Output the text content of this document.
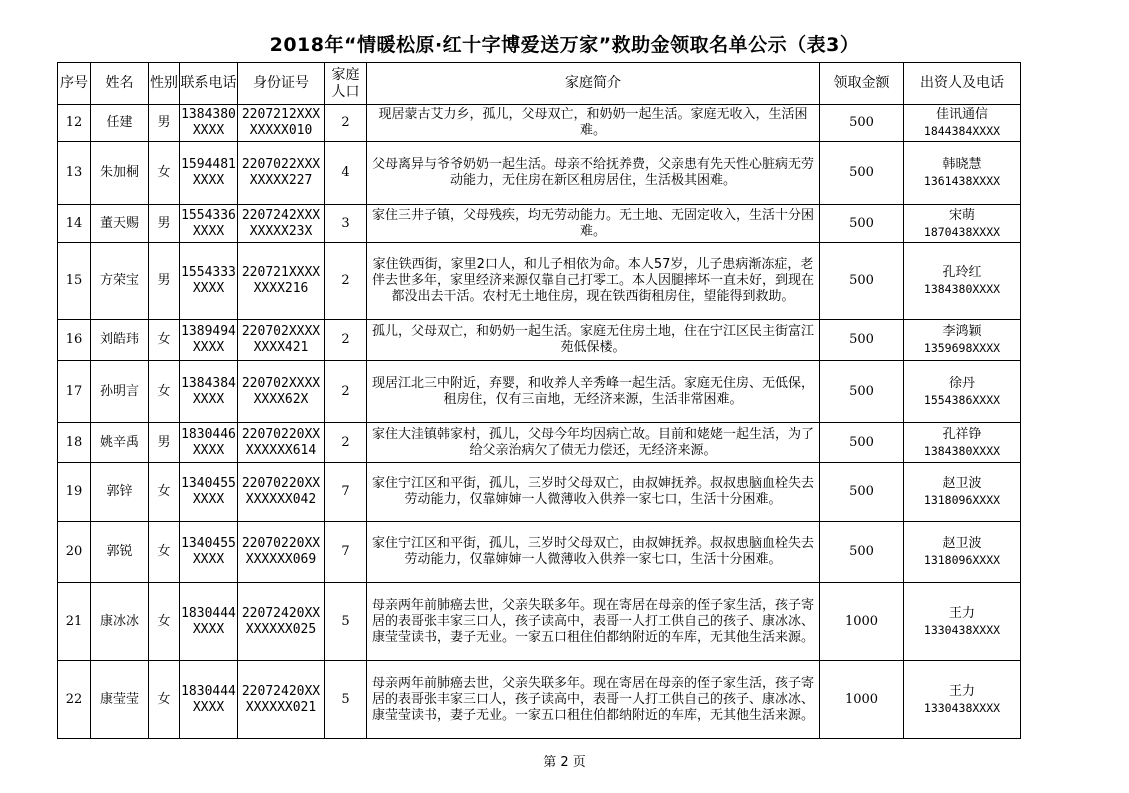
2018年“情暖松原·红十字博爱送万家”救助金领取名单公示（表3）
序号	姓名	性别	联系电话	身份证号	家庭人口	家庭简介	领取金额	出资人及电话
12	任建	男	1384380XXXX	2207212XXXXXXXX010	2	现居蒙古艾力乡，孤儿，父母双亡，和奶奶一起生活。家庭无收入，生活困难。	500	佳讯通信
1844384XXXX

13	朱加桐	女	1594481XXXX	2207022XXXXXXXX227	4	父母离异与爷爷奶奶一起生活。母亲不给抚养费，父亲患有先天性心脏病无劳动能力，无住房在新区租房居住，生活极其困难。	500	韩晓慧
1361438XXXX

14	董天赐	男	1554336XXXX	2207242XXXXXXXX23X	3	家住三井子镇，父母残疾，均无劳动能力。无土地、无固定收入，生活十分困难。	500	宋萌
1870438XXXX

15	方荣宝	男	1554333XXXX	220721XXXXXXXX216	2	家住铁西街，家里2口人，和儿子相依为命。本人57岁，儿子患病渐冻症，老伴去世多年，家里经济来源仅靠自己打零工。本人因腿摔坏一直未好，到现在都没出去干活。农村无土地住房，现在铁西街租房住，望能得到救助。	500	孔玲红
1384380XXXX

16	刘皓玮	女	1389494XXXX	220702XXXXXXXX421	2	孤儿，父母双亡，和奶奶一起生活。家庭无住房土地，住在宁江区民主街富江苑低保楼。	500	李鸿颖
1359698XXXX

17	孙明言	女	1384384XXXX	220702XXXXXXXX62X	2	现居江北三中附近，弃婴，和收养人辛秀峰一起生活。家庭无住房、无低保，租房住，仅有三亩地，无经济来源，生活非常困难。	500	徐丹
1554386XXXX

18	姚辛禹	男	1830446XXXX	22070220XXXXXXXX614	2	家住大洼镇韩家村，孤儿，父母今年均因病亡故。目前和姥姥一起生活，为了给父亲治病欠了债无力偿还，无经济来源。	500	孔祥铮
1384380XXXX

19	郭锌	女	1340455XXXX	22070220XXXXXXXX042	7	家住宁江区和平街，孤儿，三岁时父母双亡，由叔婶抚养。叔叔患脑血栓失去劳动能力，仅靠婶婶一人微薄收入供养一家七口，生活十分困难。	500	赵卫波
1318096XXXX

20	郭锐	女	1340455XXXX	22070220XXXXXXXX069	7	家住宁江区和平街，孤儿，三岁时父母双亡，由叔婶抚养。叔叔患脑血栓失去劳动能力，仅靠婶婶一人微薄收入供养一家七口，生活十分困难。	500	赵卫波
1318096XXXX

21	康冰冰	女	1830444XXXX	22072420XXXXXXXX025	5	母亲两年前肺癌去世，父亲失联多年。现在寄居在母亲的侄子家生活，孩子寄居的表哥张丰家三口人，孩子读高中，表哥一人打工供自己的孩子、康冰冰、康莹莹读书，妻子无业。一家五口租住伯都纳附近的车库，无其他生活来源。	1000	王力
1330438XXXX

22	康莹莹	女	1830444XXXX	22072420XXXXXXXX021	5	母亲两年前肺癌去世，父亲失联多年。现在寄居在母亲的侄子家生活，孩子寄居的表哥张丰家三口人，孩子读高中，表哥一人打工供自己的孩子、康冰冰、康莹莹读书，妻子无业。一家五口租住伯都纳附近的车库，无其他生活来源。	1000	王力
1330438XXXX
第 2 页
